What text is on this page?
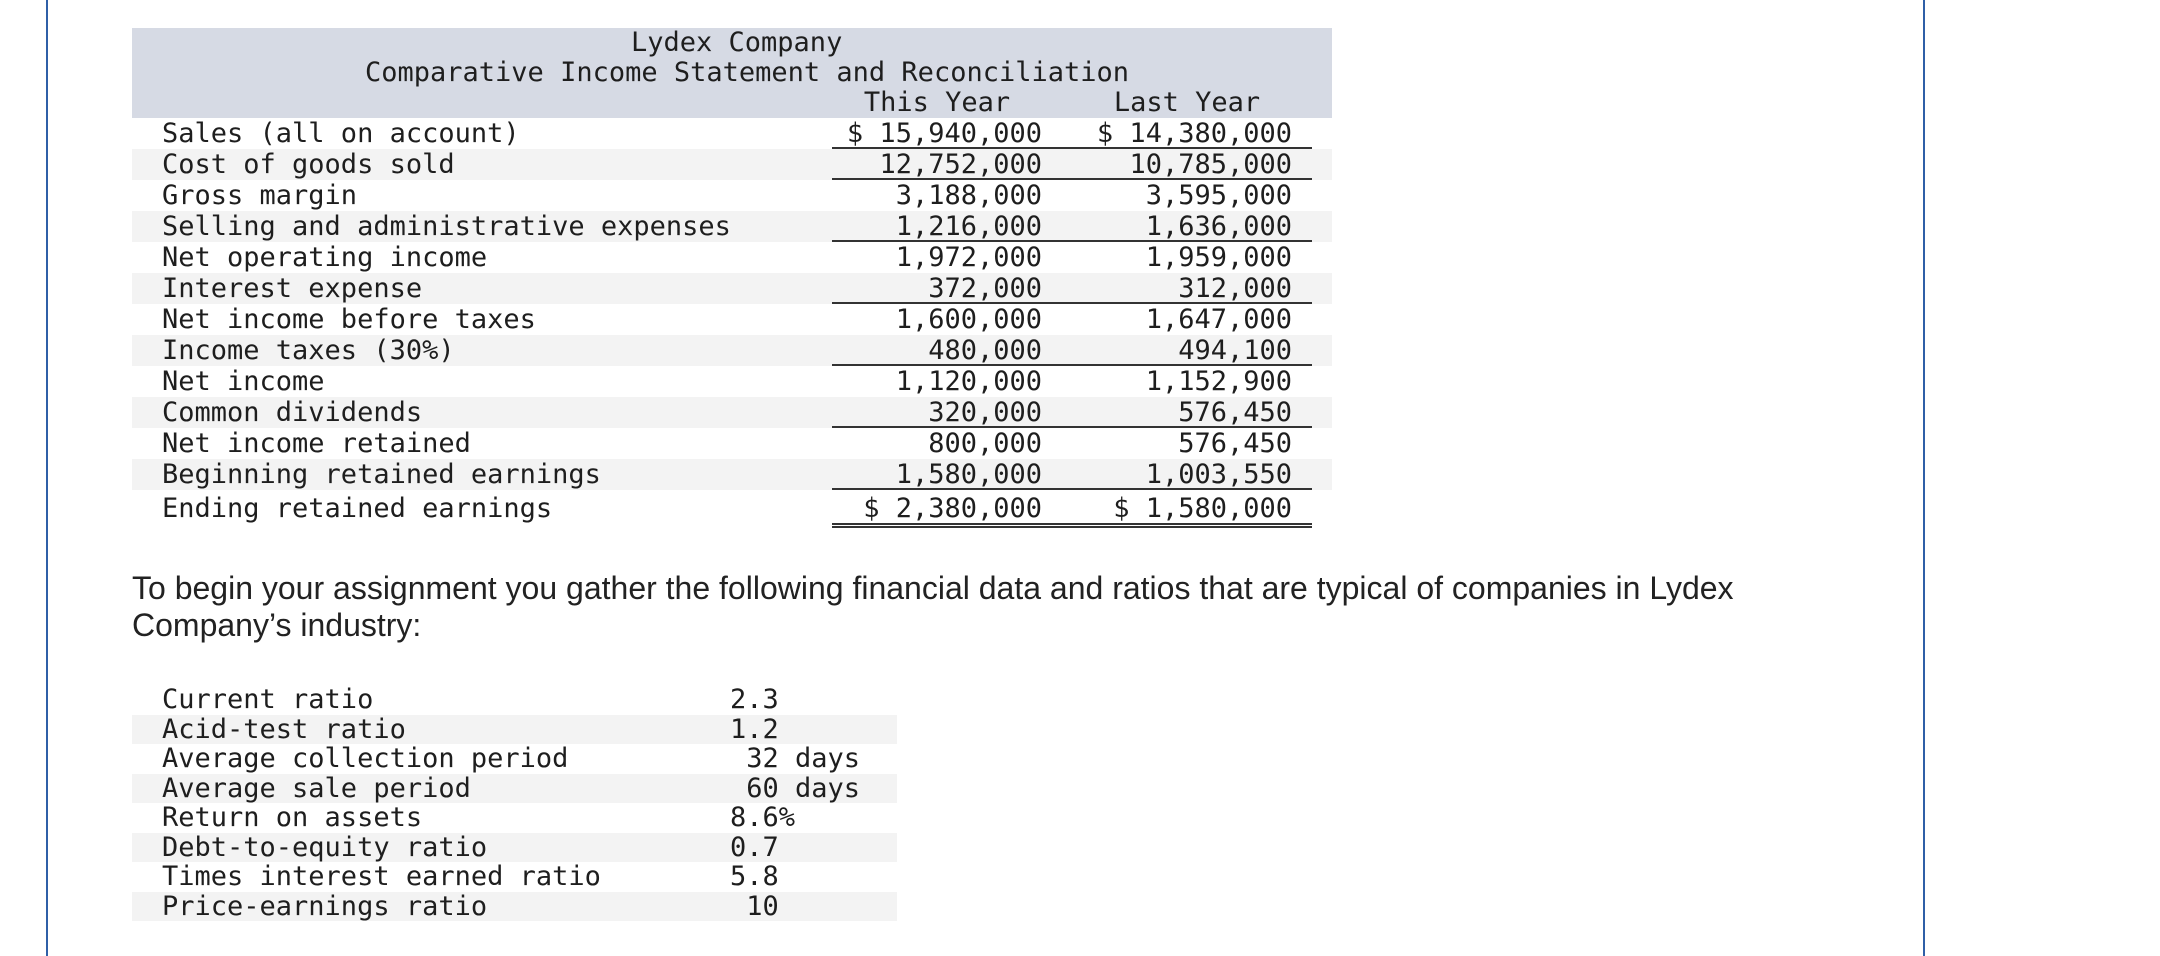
Lydex Company
Comparative Income Statement and Reconciliation
This Year	Last Year
Sales (all on account)	$ 15,940,000	$ 14,380,000
Cost of goods sold	12,752,000	10,785,000
Gross margin	3,188,000	3,595,000
Selling and administrative expenses	1,216,000	1,636,000
Net operating income	1,972,000	1,959,000
Interest expense	372,000	312,000
Net income before taxes	1,600,000	1,647,000
Income taxes (30%)	480,000	494,100
Net income	1,120,000	1,152,900
Common dividends	320,000	576,450
Net income retained	800,000	576,450
Beginning retained earnings	1,580,000	1,003,550
Ending retained earnings	$ 2,380,000	$ 1,580,000
To begin your assignment you gather the following financial data and ratios that are typical of companies in Lydex Company’s industry:
Current ratio	2.3
Acid-test ratio	1.2
Average collection period	32 days
Average sale period	60 days
Return on assets	8.6%
Debt-to-equity ratio	0.7
Times interest earned ratio	5.8
Price-earnings ratio	10
